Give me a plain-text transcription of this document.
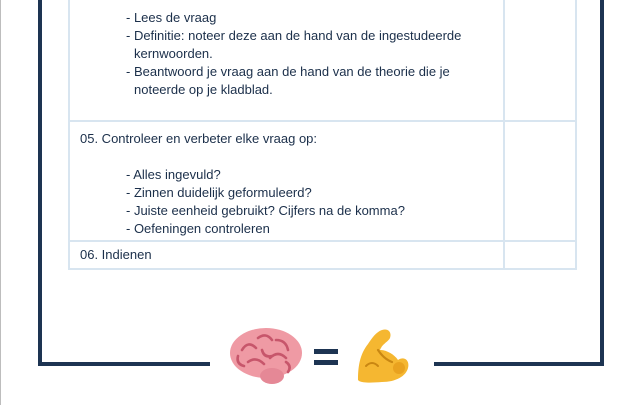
- Lees de vraag
- Definitie: noteer deze aan de hand van de ingestudeerde
kernwoorden.
- Beantwoord je vraag aan de hand van de theorie die je
noteerde op je kladblad.
05. Controleer en verbeter elke vraag op:
- Alles ingevuld?
- Zinnen duidelijk geformuleerd?
- Juiste eenheid gebruikt? Cijfers na de komma?
- Oefeningen controleren
06. Indienen
